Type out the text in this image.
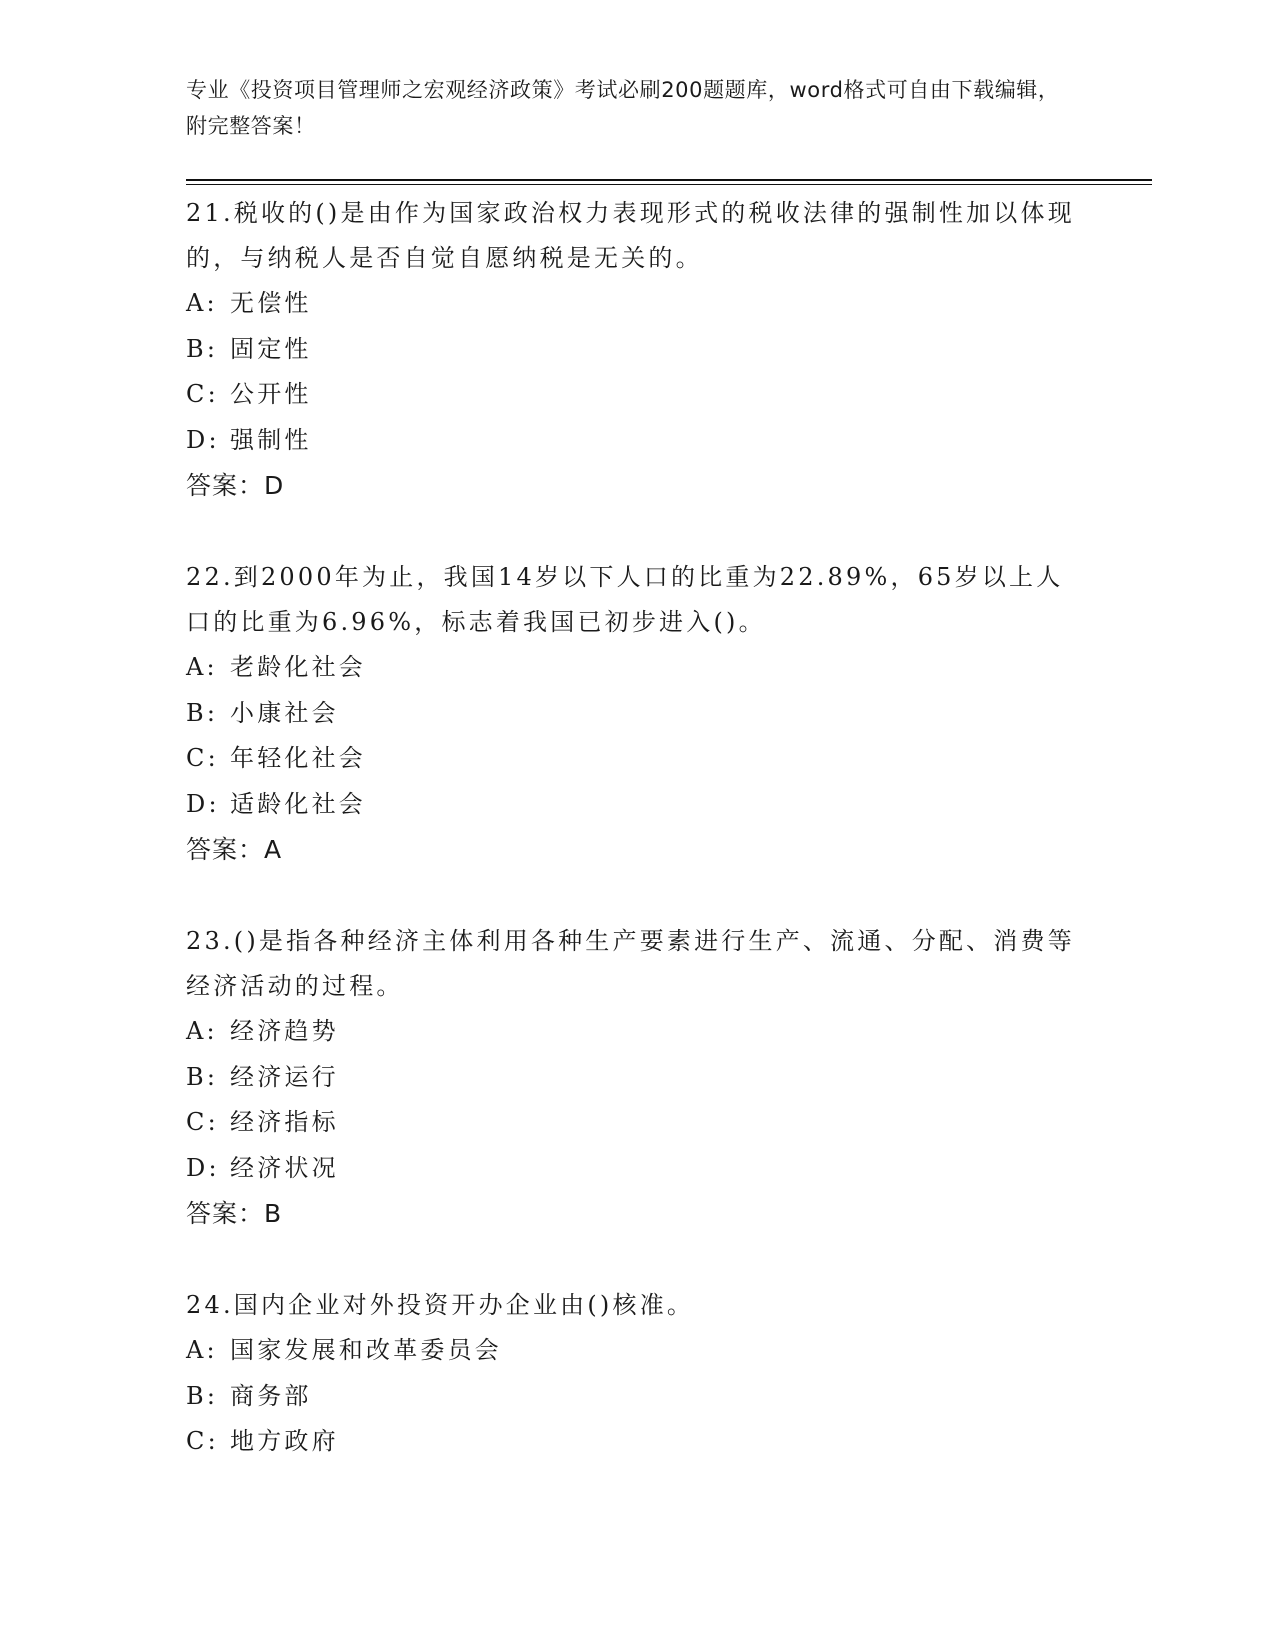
专业《投资项目管理师之宏观经济政策》考试必刷200题题库，word格式可自由下载编辑，附完整答案！
21.税收的()是由作为国家政治权力表现形式的税收法律的强制性加以体现的，与纳税人是否自觉自愿纳税是无关的。
A: 无偿性
B: 固定性
C: 公开性
D: 强制性
答案：D
22.到2000年为止，我国14岁以下人口的比重为22.89%，65岁以上人口的比重为6.96%，标志着我国已初步进入()。
A: 老龄化社会
B: 小康社会
C: 年轻化社会
D: 适龄化社会
答案：A
23.()是指各种经济主体利用各种生产要素进行生产、流通、分配、消费等经济活动的过程。
A: 经济趋势
B: 经济运行
C: 经济指标
D: 经济状况
答案：B
24.国内企业对外投资开办企业由()核准。
A: 国家发展和改革委员会
B: 商务部
C: 地方政府
